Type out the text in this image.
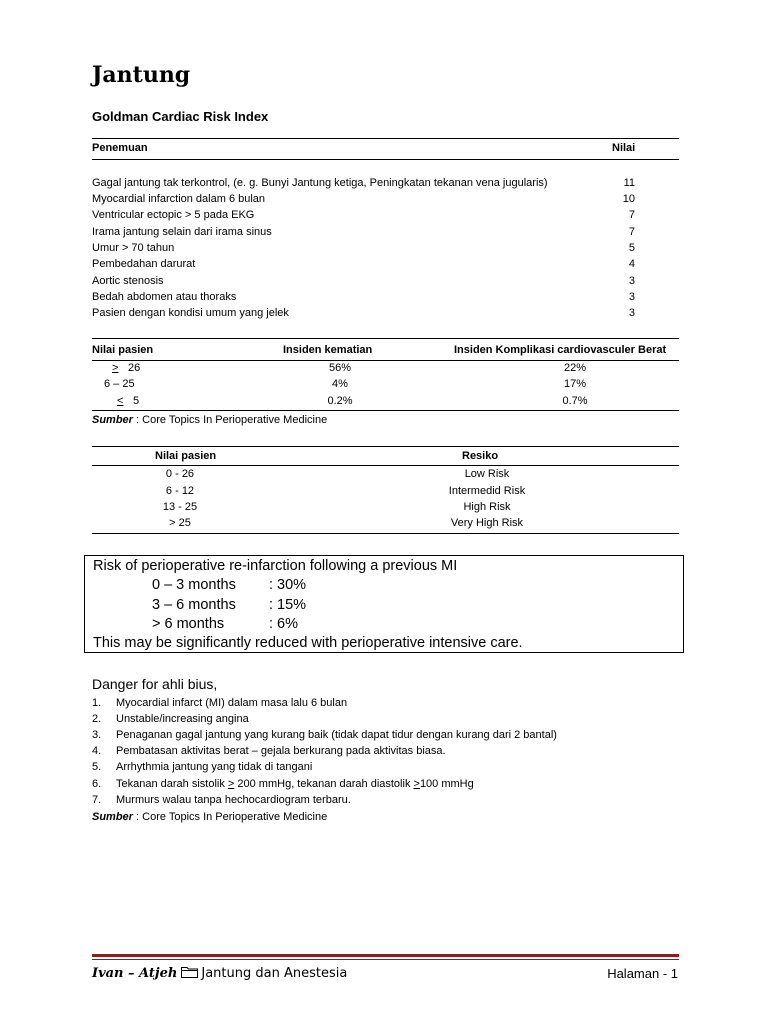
Jantung
Goldman Cardiac Risk Index
Penemuan	Nilai
Gagal jantung tak terkontrol, (e. g. Bunyi Jantung ketiga, Peningkatan tekanan vena jugularis)	11
Myocardial infarction dalam 6 bulan	10
Ventricular ectopic > 5 pada EKG	7
Irama jantung selain dari irama sinus	7
Umur > 70 tahun	5
Pembedahan darurat	4
Aortic stenosis	3
Bedah abdomen atau thoraks	3
Pasien dengan kondisi umum yang jelek	3
Nilai pasien	Insiden kematian	Insiden Komplikasi cardiovasculer Berat
> 26	56%	22%
6 – 25	4%	17%
< 5	0.2%	0.7%
Sumber : Core Topics In Perioperative Medicine
Nilai pasien	Resiko
0 - 26	Low Risk
6 - 12	Intermedid Risk
13 - 25	High Risk
> 25	Very High Risk
Risk of perioperative re-infarction following a previous MI
0 – 3 months : 30%
3 – 6 months : 15%
> 6 months	: 6%
This may be significantly reduced with perioperative intensive care.
Danger for ahli bius,
1. Myocardial infarct (MI) dalam masa lalu 6 bulan
2. Unstable/increasing angina
3. Penaganan gagal jantung yang kurang baik (tidak dapat tidur dengan kurang dari 2 bantal)
4. Pembatasan aktivitas berat – gejala berkurang pada aktivitas biasa.
5. Arrhythmia jantung yang tidak di tangani
6. Tekanan darah sistolik ≥ 200 mmHg, tekanan darah diastolik ≥100 mmHg
7. Murmurs walau tanpa hechocardiogram terbaru.
Sumber : Core Topics In Perioperative Medicine
Ivan – Atjeh Jantung dan Anestesia	Halaman - 1
